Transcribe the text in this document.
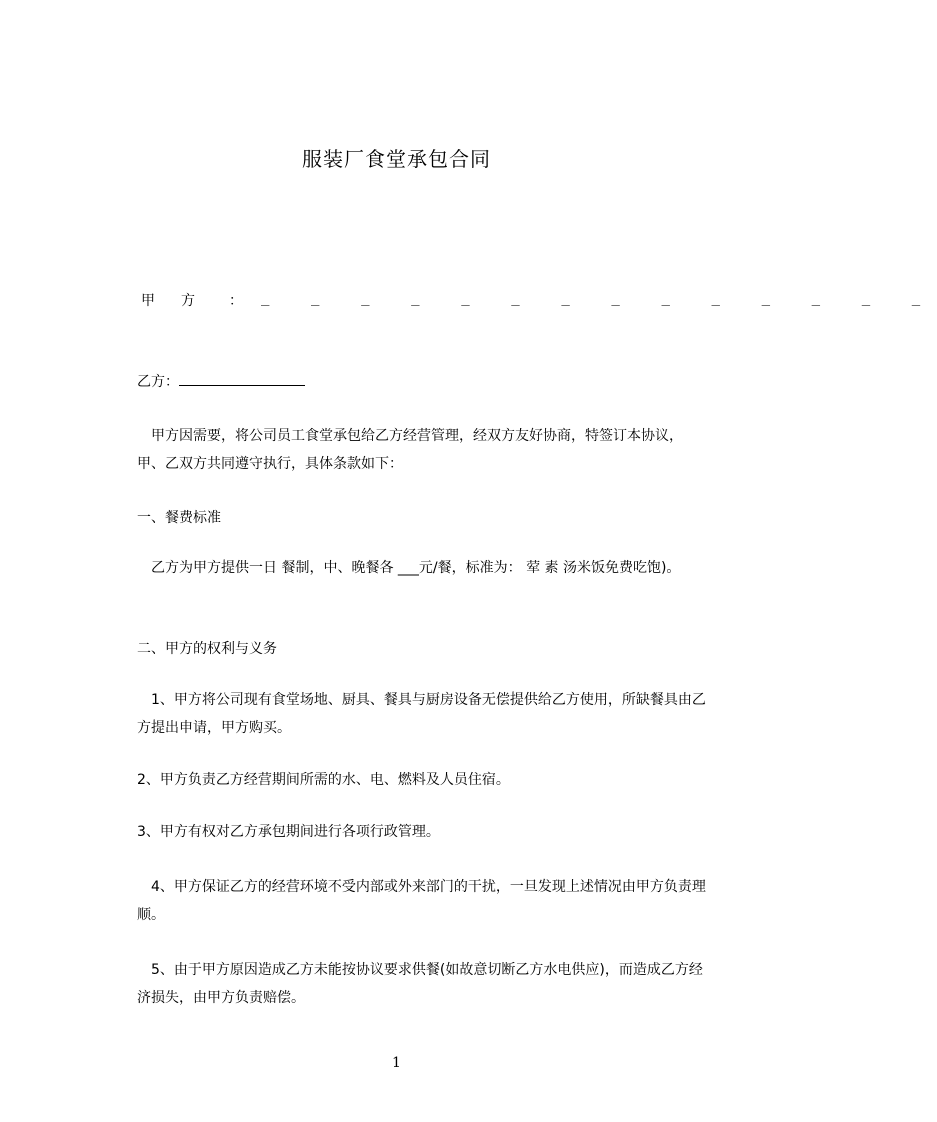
服装厂食堂承包合同
甲 方 ： _ _ _ _ _ _ _ _ _ _ _ _ _ _
乙方：
　甲方因需要，将公司员工食堂承包给乙方经营管理，经双方友好协商，特签订本协议，甲、乙双方共同遵守执行，具体条款如下：
一、餐费标准
　乙方为甲方提供一日 餐制，中、晚餐各 ___元/餐，标准为： 荤 素 汤米饭免费吃饱)。
二、甲方的权利与义务
　1、甲方将公司现有食堂场地、厨具、餐具与厨房设备无偿提供给乙方使用，所缺餐具由乙方提出申请，甲方购买。
2、甲方负责乙方经营期间所需的水、电、燃料及人员住宿。
3、甲方有权对乙方承包期间进行各项行政管理。
　4、甲方保证乙方的经营环境不受内部或外来部门的干扰，一旦发现上述情况由甲方负责理顺。
　5、由于甲方原因造成乙方未能按协议要求供餐(如故意切断乙方水电供应)，而造成乙方经济损失，由甲方负责赔偿。
1
